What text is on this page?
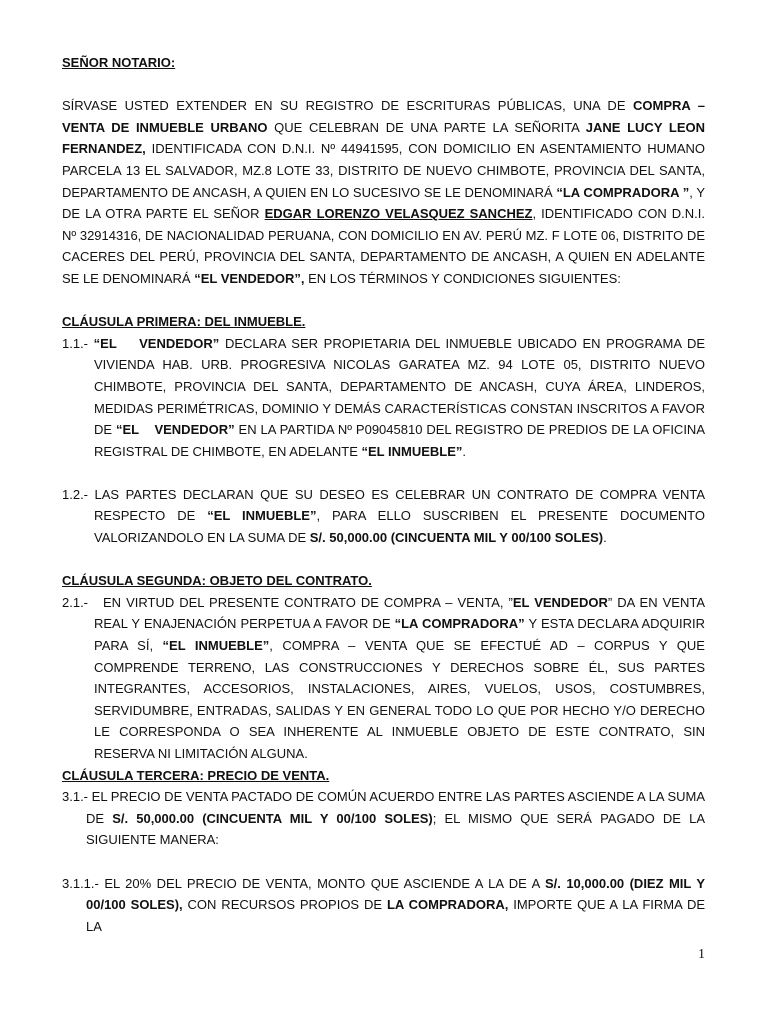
SEÑOR NOTARIO:

SÍRVASE USTED EXTENDER EN SU REGISTRO DE ESCRITURAS PÚBLICAS, UNA DE COMPRA – VENTA DE INMUEBLE URBANO QUE CELEBRAN DE UNA PARTE LA SEÑORITA JANE LUCY LEON FERNANDEZ, IDENTIFICADA CON D.N.I. Nº 44941595, CON DOMICILIO EN ASENTAMIENTO HUMANO PARCELA 13 EL SALVADOR, MZ.8 LOTE 33, DISTRITO DE NUEVO CHIMBOTE, PROVINCIA DEL SANTA, DEPARTAMENTO DE ANCASH, A QUIEN EN LO SUCESIVO SE LE DENOMINARÁ “LA COMPRADORA ”, Y DE LA OTRA PARTE EL SEÑOR EDGAR LORENZO VELASQUEZ SANCHEZ, IDENTIFICADO CON D.N.I. Nº 32914316, DE NACIONALIDAD PERUANA, CON DOMICILIO EN AV. PERÚ MZ. F LOTE 06, DISTRITO DE CACERES DEL PERÚ, PROVINCIA DEL SANTA, DEPARTAMENTO DE ANCASH, A QUIEN EN ADELANTE SE LE DENOMINARÁ “EL VENDEDOR”, EN LOS TÉRMINOS Y CONDICIONES SIGUIENTES:

CLÁUSULA PRIMERA: DEL INMUEBLE.

1.1.- “EL    VENDEDOR” DECLARA SER PROPIETARIA DEL INMUEBLE UBICADO EN PROGRAMA DE VIVIENDA HAB. URB. PROGRESIVA NICOLAS GARATEA MZ. 94 LOTE 05, DISTRITO NUEVO CHIMBOTE, PROVINCIA DEL SANTA, DEPARTAMENTO DE ANCASH, CUYA ÁREA, LINDEROS, MEDIDAS PERIMÉTRICAS, DOMINIO Y DEMÁS CARACTERÍSTICAS CONSTAN INSCRITOS A FAVOR DE “EL    VENDEDOR” EN LA PARTIDA Nº P09045810 DEL REGISTRO DE PREDIOS DE LA OFICINA REGISTRAL DE CHIMBOTE, EN ADELANTE “EL INMUEBLE”.

1.2.- LAS PARTES DECLARAN QUE SU DESEO ES CELEBRAR UN CONTRATO DE COMPRA VENTA RESPECTO DE “EL INMUEBLE”, PARA ELLO SUSCRIBEN EL PRESENTE DOCUMENTO VALORIZANDOLO EN LA SUMA DE S/. 50,000.00 (CINCUENTA MIL Y 00/100 SOLES).

CLÁUSULA SEGUNDA: OBJETO DEL CONTRATO.

2.1.-   EN VIRTUD DEL PRESENTE CONTRATO DE COMPRA – VENTA, ”EL VENDEDOR” DA EN VENTA REAL Y ENAJENACIÓN PERPETUA A FAVOR DE “LA COMPRADORA” Y ESTA DECLARA ADQUIRIR PARA SÍ, “EL INMUEBLE”, COMPRA – VENTA QUE SE EFECTUÉ AD – CORPUS Y QUE COMPRENDE TERRENO, LAS CONSTRUCCIONES Y DERECHOS SOBRE ÉL, SUS PARTES INTEGRANTES, ACCESORIOS, INSTALACIONES, AIRES, VUELOS, USOS, COSTUMBRES, SERVIDUMBRE, ENTRADAS, SALIDAS Y EN GENERAL TODO LO QUE POR HECHO Y/O DERECHO LE CORRESPONDA O SEA INHERENTE AL INMUEBLE OBJETO DE ESTE CONTRATO, SIN RESERVA NI LIMITACIÓN ALGUNA.

CLÁUSULA TERCERA: PRECIO DE VENTA.

3.1.- EL PRECIO DE VENTA PACTADO DE COMÚN ACUERDO ENTRE LAS PARTES ASCIENDE A LA SUMA DE S/. 50,000.00 (CINCUENTA MIL Y 00/100 SOLES); EL MISMO QUE SERÁ PAGADO DE LA SIGUIENTE MANERA:

3.1.1.- EL 20% DEL PRECIO DE VENTA, MONTO QUE ASCIENDE A LA DE A S/. 10,000.00 (DIEZ MIL Y 00/100 SOLES), CON RECURSOS PROPIOS DE LA COMPRADORA, IMPORTE QUE A LA FIRMA DE LA

1
